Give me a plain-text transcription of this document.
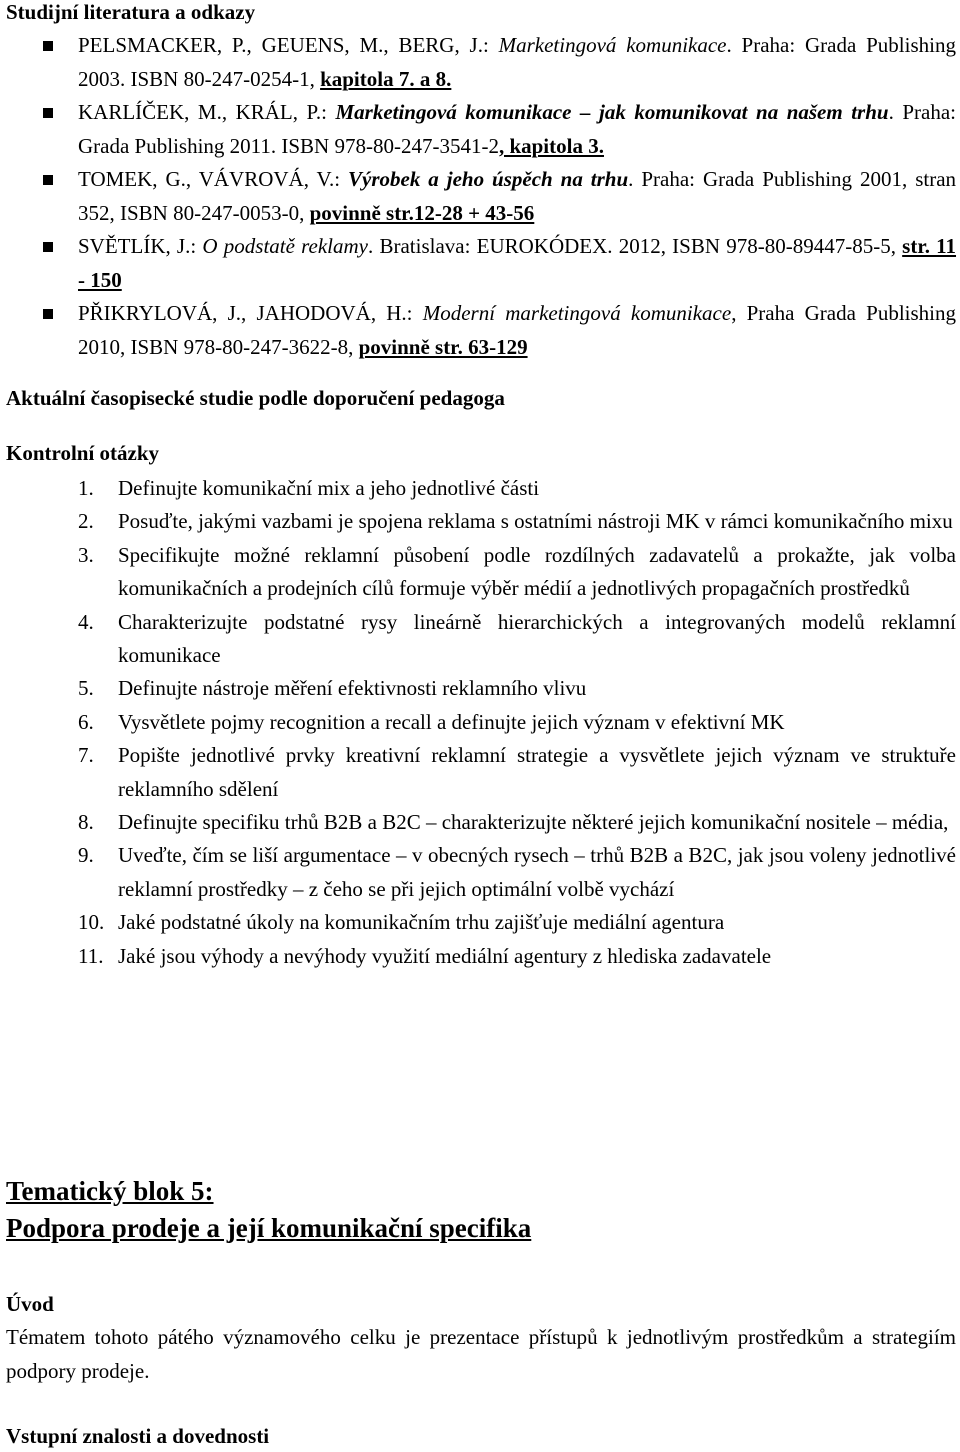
Studijní literatura a odkazy
PELSMACKER, P., GEUENS, M., BERG, J.: Marketingová komunikace. Praha: Grada Publishing 2003. ISBN 80-247-0254-1, kapitola 7. a 8.
KARLÍČEK, M., KRÁL, P.: Marketingová komunikace – jak komunikovat na našem trhu. Praha: Grada Publishing 2011. ISBN 978-80-247-3541-2, kapitola 3.
TOMEK, G., VÁVROVÁ, V.: Výrobek a jeho úspěch na trhu. Praha: Grada Publishing 2001, stran 352, ISBN 80-247-0053-0, povinně str.12-28 + 43-56
SVĚTLÍK, J.: O podstatě reklamy. Bratislava: EUROKÓDEX. 2012, ISBN 978-80-89447-85-5, str. 11 - 150
PŘIKRYLOVÁ, J., JAHODOVÁ, H.: Moderní marketingová komunikace, Praha Grada Publishing 2010, ISBN 978-80-247-3622-8, povinně str. 63-129
Aktuální časopisecké studie podle doporučení pedagoga
Kontrolní otázky
1. Definujte komunikační mix a jeho jednotlivé části
2. Posuďte, jakými vazbami je spojena reklama s ostatními nástroji MK v rámci komunikačního mixu
3. Specifikujte možné reklamní působení podle rozdílných zadavatelů a prokažte, jak volba komunikačních a prodejních cílů formuje výběr médií a jednotlivých propagačních prostředků
4. Charakterizujte podstatné rysy lineárně hierarchických a integrovaných modelů reklamní komunikace
5. Definujte nástroje měření efektivnosti reklamního vlivu
6. Vysvětlete pojmy recognition a recall a definujte jejich význam v efektivní MK
7. Popište jednotlivé prvky kreativní reklamní strategie a vysvětlete jejich význam ve struktuře reklamního sdělení
8. Definujte specifiku trhů B2B a B2C – charakterizujte některé jejich komunikační nositele – média,
9. Uveďte, čím se liší argumentace – v obecných rysech – trhů B2B a B2C, jak jsou voleny jednotlivé reklamní prostředky – z čeho se při jejich optimální volbě vychází
10. Jaké podstatné úkoly na komunikačním trhu zajišťuje mediální agentura
11. Jaké jsou výhody a nevýhody využití mediální agentury z hlediska zadavatele
Tematický blok 5:
Podpora prodeje a její komunikační specifika
Úvod

Tématem tohoto pátého významového celku je prezentace přístupů k jednotlivým prostředkům a strategiím podpory prodeje.

Vstupní znalosti a dovednosti
